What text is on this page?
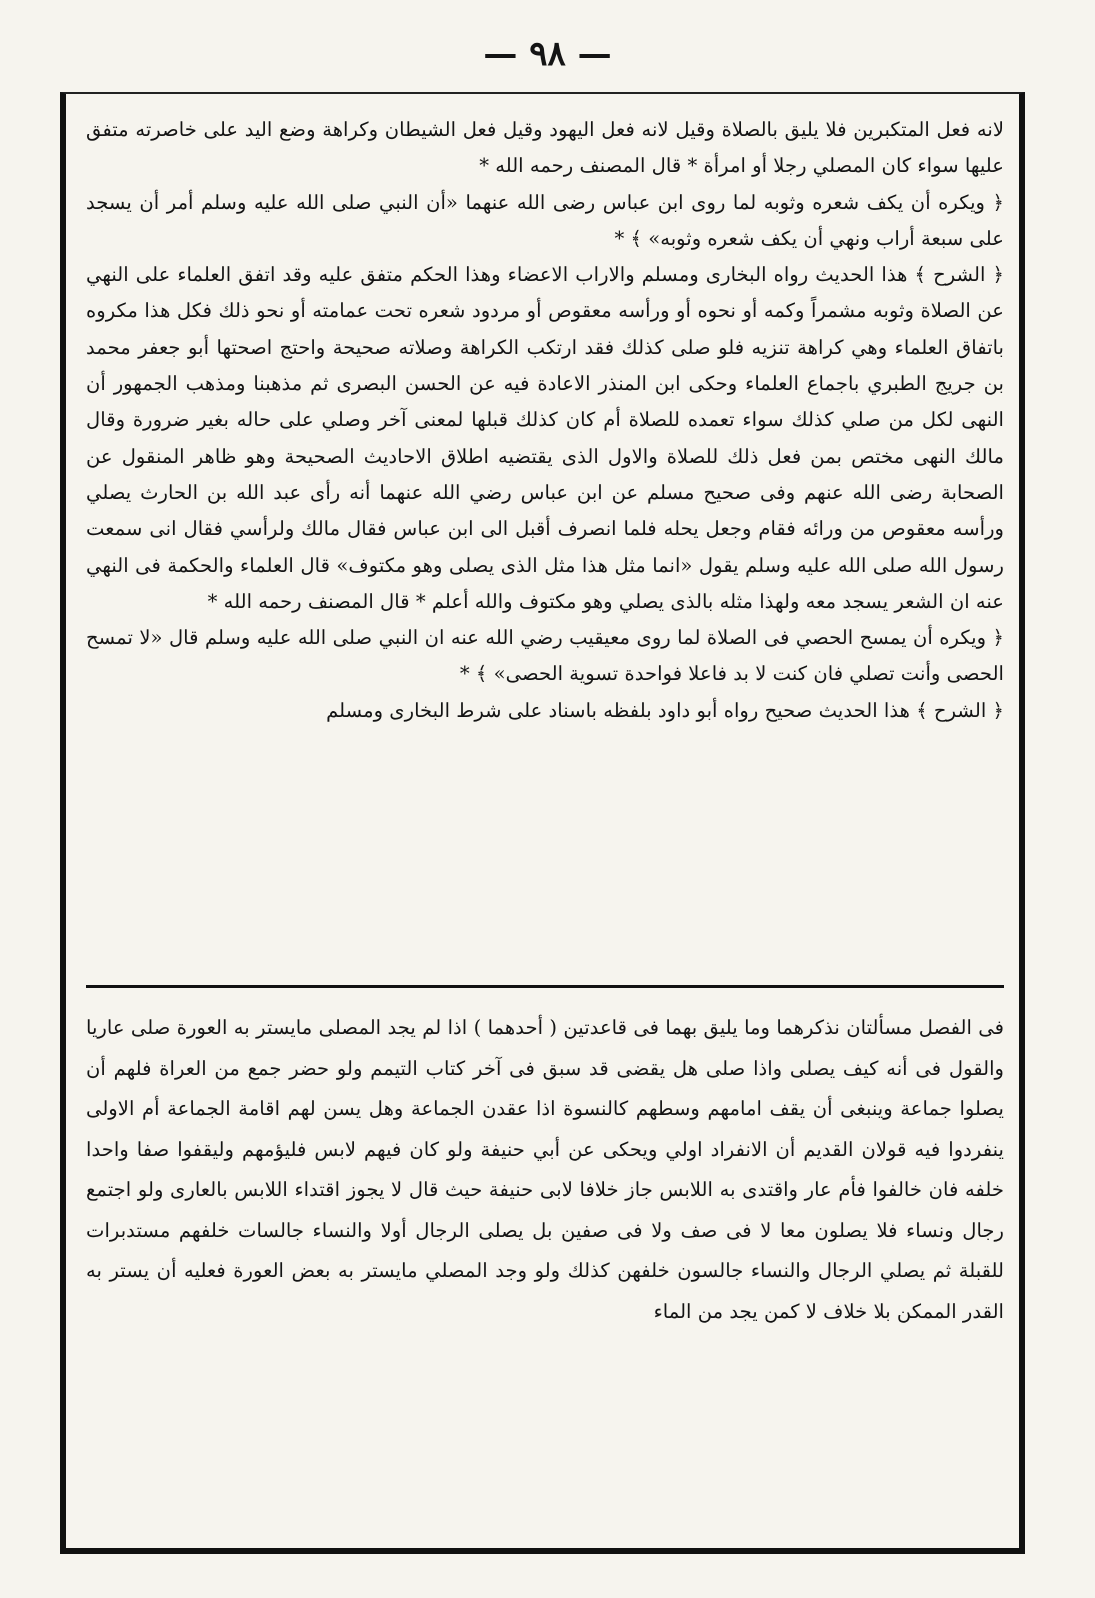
— ٩٨ —

لانه فعل المتكبرين فلا يليق بالصلاة وقيل لانه فعل اليهود وقيل فعل الشيطان وكراهة وضع اليد على خاصرته متفق عليها سواء كان المصلي رجلا أو امرأة * قال المصنف رحمه الله *

﴿ ويكره أن يكف شعره وثوبه لما روى ابن عباس رضى الله عنهما «أن النبي صلى الله عليه وسلم أمر أن يسجد على سبعة أراب ونهي أن يكف شعره وثوبه» ﴾ *

﴿ الشرح ﴾ هذا الحديث رواه البخارى ومسلم والاراب الاعضاء وهذا الحكم متفق عليه وقد اتفق العلماء على النهي عن الصلاة وثوبه مشمراً وكمه أو نحوه أو ورأسه معقوص أو مردود شعره تحت عمامته أو نحو ذلك فكل هذا مكروه باتفاق العلماء وهي كراهة تنزيه فلو صلى كذلك فقد ارتكب الكراهة وصلاته صحيحة واحتج اصحتها أبو جعفر محمد بن جريج الطبري باجماع العلماء وحكى ابن المنذر الاعادة فيه عن الحسن البصرى ثم مذهبنا ومذهب الجمهور أن النهى لكل من صلي كذلك سواء تعمده للصلاة أم كان كذلك قبلها لمعنى آخر وصلي على حاله بغير ضرورة وقال مالك النهى مختص بمن فعل ذلك للصلاة والاول الذى يقتضيه اطلاق الاحاديث الصحيحة وهو ظاهر المنقول عن الصحابة رضى الله عنهم وفى صحيح مسلم عن ابن عباس رضي الله عنهما أنه رأى عبد الله بن الحارث يصلي ورأسه معقوص من ورائه فقام وجعل يحله فلما انصرف أقبل الى ابن عباس فقال مالك ولرأسي فقال انى سمعت رسول الله صلى الله عليه وسلم يقول «انما مثل هذا مثل الذى يصلى وهو مكتوف» قال العلماء والحكمة فى النهي عنه ان الشعر يسجد معه ولهذا مثله بالذى يصلي وهو مكتوف والله أعلم * قال المصنف رحمه الله *

﴿ ويكره أن يمسح الحصي فى الصلاة لما روى معيقيب رضي الله عنه ان النبي صلى الله عليه وسلم قال «لا تمسح الحصى وأنت تصلي فان كنت لا بد فاعلا فواحدة تسوية الحصى» ﴾ *

﴿ الشرح ﴾ هذا الحديث صحيح رواه أبو داود بلفظه باسناد على شرط البخارى ومسلم

فى الفصل مسألتان نذكرهما وما يليق بهما فى قاعدتين ( أحدهما ) اذا لم يجد المصلى مايستر به العورة صلى عاريا والقول فى أنه كيف يصلى واذا صلى هل يقضى قد سبق فى آخر كتاب التيمم ولو حضر جمع من العراة فلهم أن يصلوا جماعة وينبغى أن يقف امامهم وسطهم كالنسوة اذا عقدن الجماعة وهل يسن لهم اقامة الجماعة أم الاولى ينفردوا فيه قولان القديم أن الانفراد اولي ويحكى عن أبي حنيفة ولو كان فيهم لابس فليؤمهم وليقفوا صفا واحدا خلفه فان خالفوا فأم عار واقتدى به اللابس جاز خلافا لابى حنيفة حيث قال لا يجوز اقتداء اللابس بالعارى ولو اجتمع رجال ونساء فلا يصلون معا لا فى صف ولا فى صفين بل يصلى الرجال أولا والنساء جالسات خلفهم مستدبرات للقبلة ثم يصلي الرجال والنساء جالسون خلفهن كذلك ولو وجد المصلي مايستر به بعض العورة فعليه أن يستر به القدر الممكن بلا خلاف لا كمن يجد من الماء
